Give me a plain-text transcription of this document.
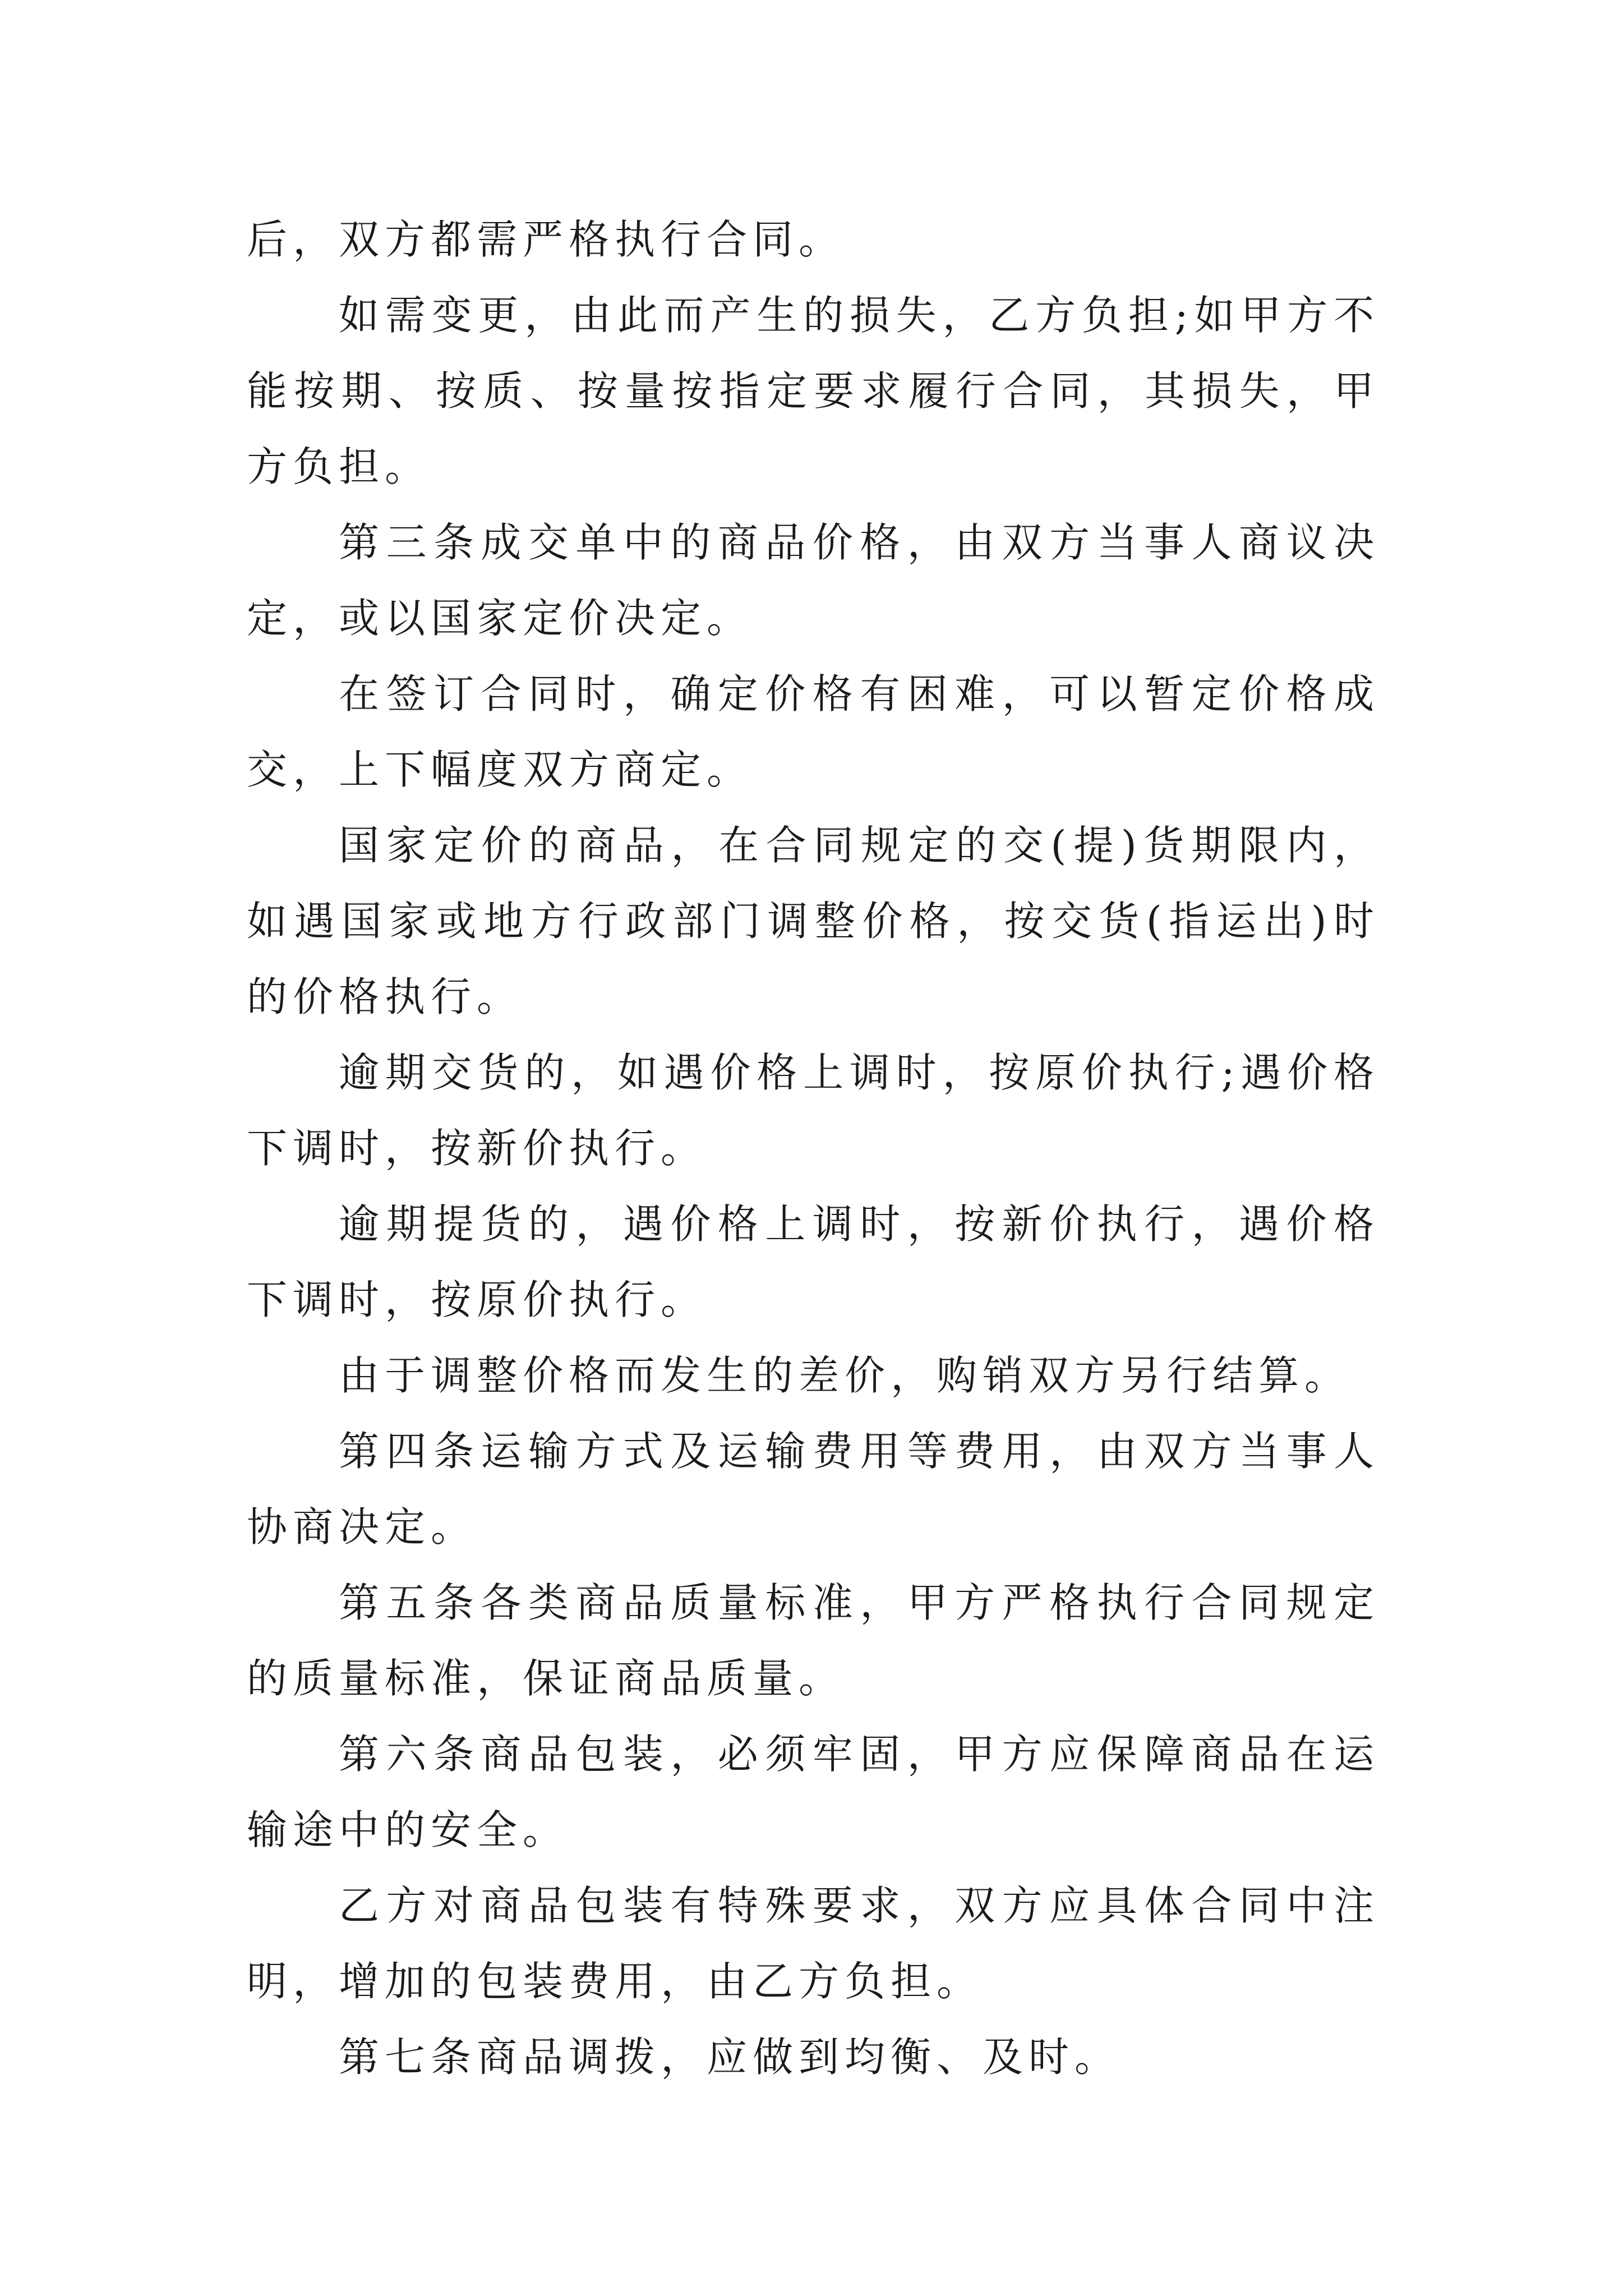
后，双方都需严格执行合同。

如需变更，由此而产生的损失，乙方负担;如甲方不能按期、按质、按量按指定要求履行合同，其损失，甲方负担。

第三条成交单中的商品价格，由双方当事人商议决定，或以国家定价决定。

在签订合同时，确定价格有困难，可以暂定价格成交，上下幅度双方商定。

国家定价的商品，在合同规定的交(提)货期限内，如遇国家或地方行政部门调整价格，按交货(指运出)时的价格执行。

逾期交货的，如遇价格上调时，按原价执行;遇价格下调时，按新价执行。

逾期提货的，遇价格上调时，按新价执行，遇价格下调时，按原价执行。

由于调整价格而发生的差价，购销双方另行结算。

第四条运输方式及运输费用等费用，由双方当事人协商决定。

第五条各类商品质量标准，甲方严格执行合同规定的质量标准，保证商品质量。

第六条商品包装，必须牢固，甲方应保障商品在运输途中的安全。

乙方对商品包装有特殊要求，双方应具体合同中注明，增加的包装费用，由乙方负担。

第七条商品调拨，应做到均衡、及时。
